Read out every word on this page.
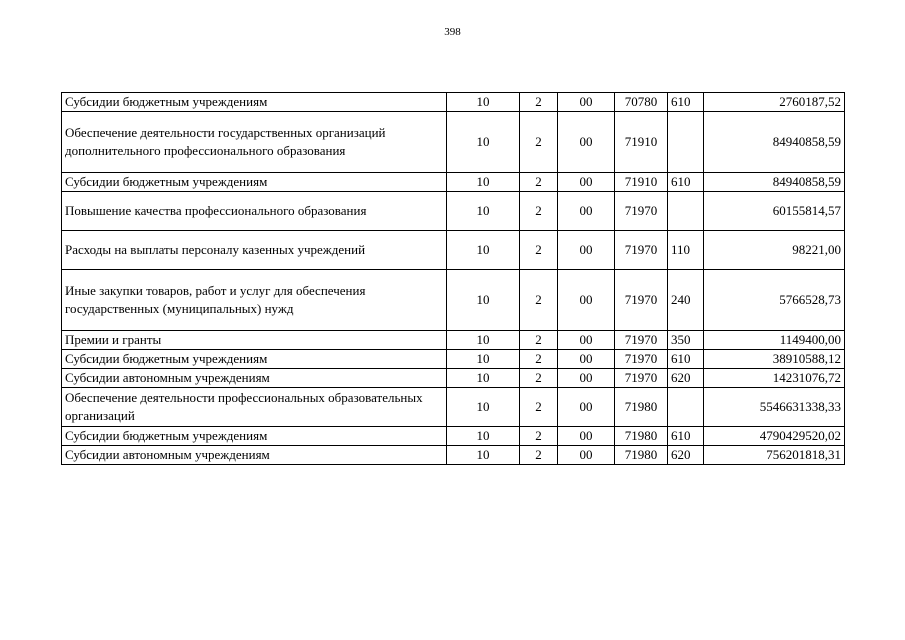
398
Субсидии бюджетным учреждениям	10	2	00	70780	610	2760187,52
Обеспечение деятельности государственных организаций дополнительного профессионального образования	10	2	00	71910		84940858,59
Субсидии бюджетным учреждениям	10	2	00	71910	610	84940858,59
Повышение качества профессионального образования	10	2	00	71970		60155814,57
Расходы на выплаты персоналу казенных учреждений	10	2	00	71970	110	98221,00
Иные закупки товаров, работ и услуг для обеспечения государственных (муниципальных) нужд	10	2	00	71970	240	5766528,73
Премии и гранты	10	2	00	71970	350	1149400,00
Субсидии бюджетным учреждениям	10	2	00	71970	610	38910588,12
Субсидии автономным учреждениям	10	2	00	71970	620	14231076,72
Обеспечение деятельности профессиональных образовательных организаций	10	2	00	71980		5546631338,33
Субсидии бюджетным учреждениям	10	2	00	71980	610	4790429520,02
Субсидии автономным учреждениям	10	2	00	71980	620	756201818,31
